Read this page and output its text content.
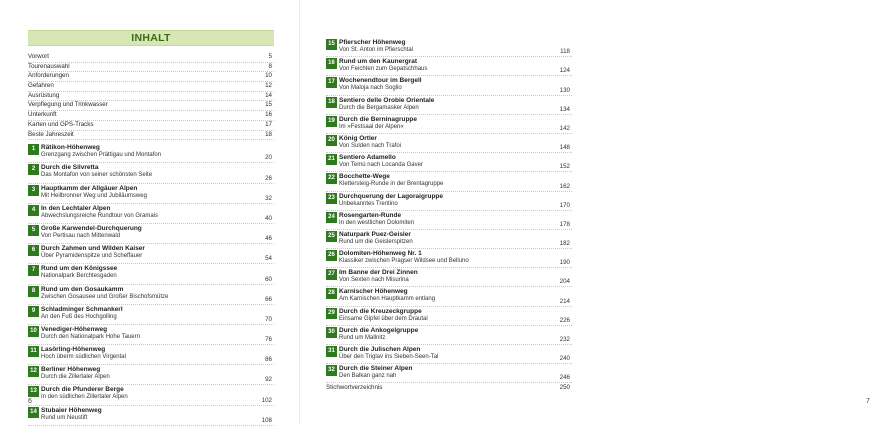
INHALT
Vorwort	5
Tourenauswahl	8
Anforderungen	10
Gefahren	12
Ausrüstung	14
Verpflegung und Trinkwasser	15
Unterkunft	16
Karten und GPS-Tracks	17
Beste Jahreszeit	18
1 Rätikon-Höhenweg
Grenzgang zwischen Prättigau und Montafon	20
2 Durch die Silvretta
Das Montafon von seiner schönsten Seite	26
3 Hauptkamm der Allgäuer Alpen
Mit Heilbronner Weg und Jubiläumsweg	32
4 In den Lechtaler Alpen
Abwechslungsreiche Rundtour von Gramais	40
5 Große Karwendel-Durchquerung
Von Pertisau nach Mittenwald	46
6 Durch Zahmen und Wilden Kaiser
Über Pyramidenspitze und Scheffauer	54
7 Rund um den Königssee
Nationalpark Berchtesgaden	60
8 Rund um den Gosaukamm
Zwischen Gosausee und Großer Bischofsmütze	66
9 Schladminger Schmankerl
An den Fuß des Hochgolling	70
10 Venediger-Höhenweg
Durch den Nationalpark Hohe Tauern	76
11 Lasörling-Höhenweg
Hoch überm südlichen Virgental	86
12 Berliner Höhenweg
Durch die Zillertaler Alpen	92
13 Durch die Pfunderer Berge
In den südlichen Zillertaler Alpen	102
14 Stubaier Höhenweg
Rund um Neustift	108
6	7
15 Pfierscher Höhenweg
Von St. Anton im Pfierschtal	118
16 Rund um den Kaunergrat
Von Feichten zum Gepatschhaus	124
17 Wochenendtour im Bergell
Von Maloja nach Soglio	130
18 Sentiero delle Orobie Orientale
Durch die Bergamasker Alpen	134
19 Durch die Berninagruppe
Im »Festsaal der Alpen«	142
20 König Ortler
Von Sulden nach Trafoi	148
21 Sentiero Adamello
Von Temù nach Locanda Gaver	152
22 Bocchette-Wege
Klettersteig-Runde in der Brentagruppe	162
23 Durchquerung der Lagoraigruppe
Unbekanntes Trentino	170
24 Rosengarten-Runde
In den westlichen Dolomiten	178
25 Naturpark Puez-Geisler
Rund um die Geislerspitzen	182
26 Dolomiten-Höhenweg Nr. 1
Klassiker zwischen Pragser Wildsee und Belluno	190
27 Im Banne der Drei Zinnen
Von Sexten nach Misurina	204
28 Karnischer Höhenweg
Am Karnischen Hauptkamm entlang	214
29 Durch die Kreuzeckgruppe
Einsame Gipfel über dem Drautal	226
30 Durch die Ankogelgruppe
Rund um Mallnitz	232
31 Durch die Julischen Alpen
Über den Triglav ins Sieben-Seen-Tal	240
32 Durch die Steiner Alpen
Den Balkan ganz nah	246
Stichwortverzeichnis	250
